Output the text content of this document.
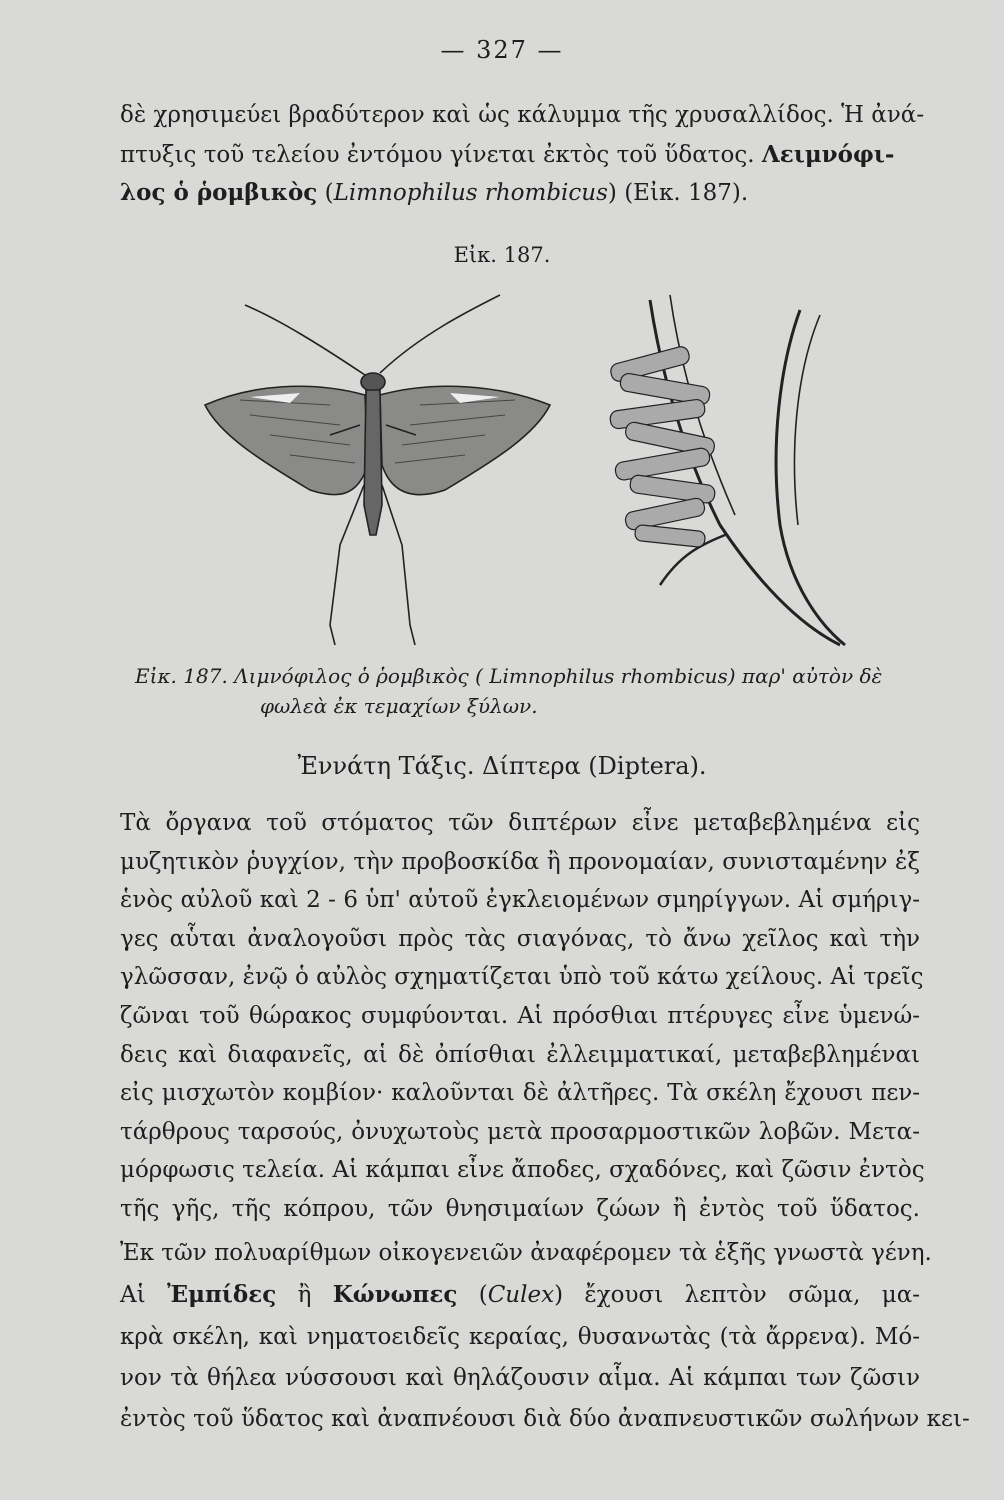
— 327 —
δὲ χρησιμεύει βραδύτερον καὶ ὡς κάλυμμα τῆς χρυσαλλίδος. Ἡ ἀνά-
πτυξις τοῦ τελείου ἐντόμου γίνεται ἐκτὸς τοῦ ὕδατος. Λειμνόφι-
λος ὁ ῥομβικὸς (Limnophilus rhombicus) (Εἰκ. 187).
Εἰκ. 187.
Εἰκ. 187. Λιμνόφιλος ὁ ῥομβικὸς ( Limnophilus rhombicus) παρ' αὐτὸν δὲ
φωλεὰ ἐκ τεμαχίων ξύλων.
Ἐννάτη Τάξις. Δίπτερα (Diptera).
Τὰ ὄργανα τοῦ στόματος τῶν διπτέρων εἶνε μεταβεβλημένα εἰς
μυζητικὸν ῥυγχίον, τὴν προβοσκίδα ἢ προνομαίαν, συνισταμένην ἐξ
ἑνὸς αὐλοῦ καὶ 2 - 6 ὑπ' αὐτοῦ ἐγκλειομένων σμηρίγγων. Αἱ σμήριγ-
γες αὗται ἀναλογοῦσι πρὸς τὰς σιαγόνας, τὸ ἄνω χεῖλος καὶ τὴν
γλῶσσαν, ἐνῷ ὁ αὐλὸς σχηματίζεται ὑπὸ τοῦ κάτω χείλους. Αἱ τρεῖς
ζῶναι τοῦ θώρακος συμφύονται. Αἱ πρόσθιαι πτέρυγες εἶνε ὑμενώ-
δεις καὶ διαφανεῖς, αἱ δὲ ὀπίσθιαι ἐλλειμματικαί, μεταβεβλημέναι
εἰς μισχωτὸν κομβίον· καλοῦνται δὲ ἀλτῆρες. Τὰ σκέλη ἔχουσι πεν-
τάρθρους ταρσούς, ὀνυχωτοὺς μετὰ προσαρμοστικῶν λοβῶν. Μετα-
μόρφωσις τελεία. Αἱ κάμπαι εἶνε ἄποδες, σχαδόνες, καὶ ζῶσιν ἐντὸς
τῆς γῆς, τῆς κόπρου, τῶν θνησιμαίων ζώων ἢ ἐντὸς τοῦ ὕδατος.
Ἐκ τῶν πολυαρίθμων οἰκογενειῶν ἀναφέρομεν τὰ ἑξῆς γνωστὰ γένη.
Αἱ Ἐμπίδες ἢ Κώνωπες (Culex) ἔχουσι λεπτὸν σῶμα, μα-
κρὰ σκέλη, καὶ νηματοειδεῖς κεραίας, θυσανωτὰς (τὰ ἄρρενα). Μό-
νον τὰ θήλεα νύσσουσι καὶ θηλάζουσιν αἷμα. Αἱ κάμπαι των ζῶσιν
ἐντὸς τοῦ ὕδατος καὶ ἀναπνέουσι διὰ δύο ἀναπνευστικῶν σωλήνων κει-
